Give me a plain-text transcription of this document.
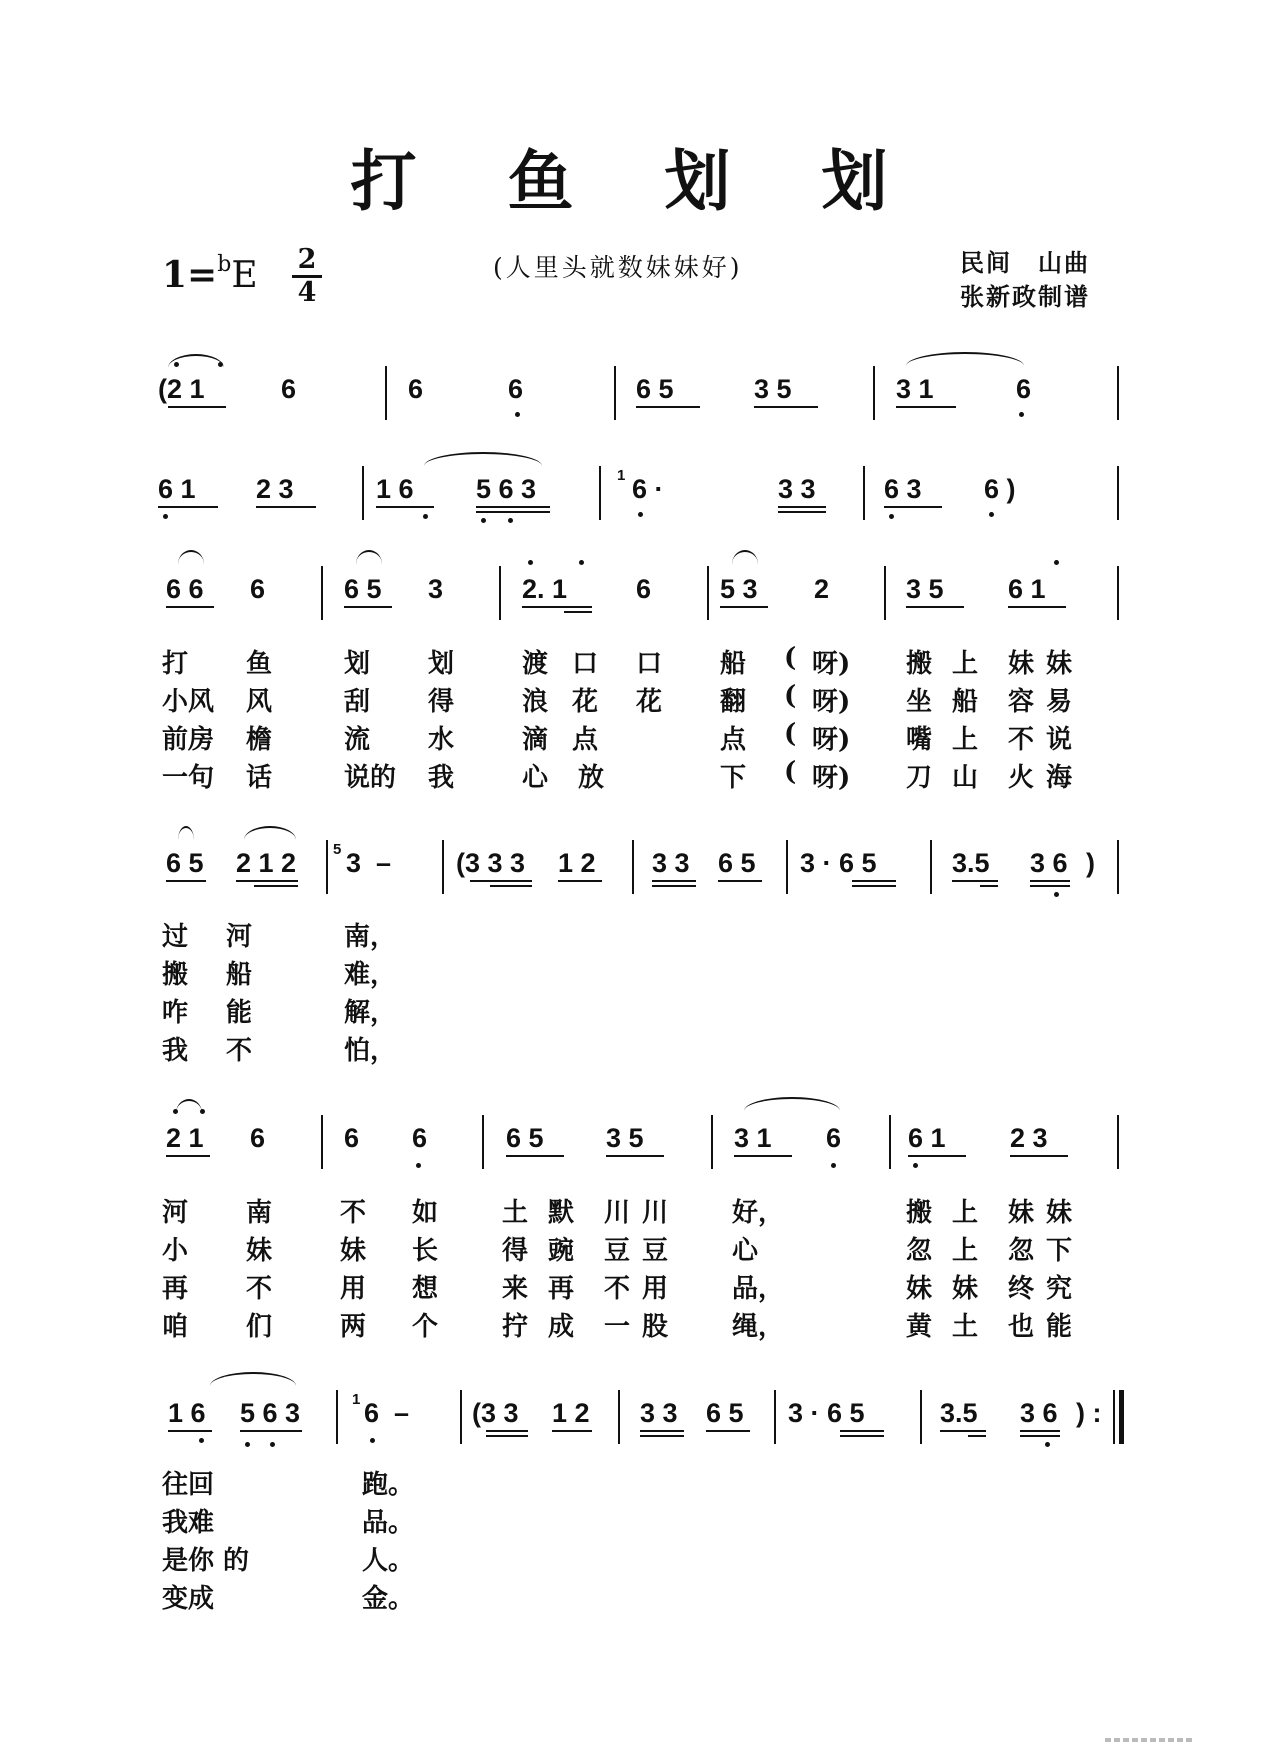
打 鱼 划 划
1=$^b$E 2
4
(人里头就数妹妹好)	民间　山曲
张新政制谱
(2 1	6	6	6	6 5	3 5	3 1	6
6 1 2 3	1 6 5 6 3	1 6 ·	3 3	6 3 6 )
6 6 6	6 5 3	2. 1	6	5 3 2	3 5 6 1
打 鱼	划 划	渡 口 口 船 ( 呀) 搬 上 妹 妹
小风 风	刮 得	浪 花 花 翻 ( 呀) 坐 船 容 易
前房 檐	流 水	滴 点	点 ( 呀) 嘴 上 不 说
一句 话	说的 我	心 放	下 ( 呀) 刀 山 火 海
6 5 2 1 2 5 3  – (3 3 3 1 2 3 3 6 5 3 · 6 5	3.5 3 6 )
过 河	南，
搬 船	难，
咋 能	解，
我 不	怕，
2 1 6	6 6	6 5 3 5	3 1 6 6 1 2 3
河 南	不 如 土 默 川 川 好，	搬 上 妹 妹
小 妹	妹 长 得 豌 豆 豆 心	忽 上 忽 下
再 不	用 想 来 再 不 用 品，	妹 妹 终 究
咱 们	两 个 拧 成 一 股 绳，	黄 土 也 能
1 6 5 6 3	1 6  – (3 3 1 2 3 3 6 5 3 · 6 5	3.5 3 6 ) :
往回	跑。
我难	品。
是你 的	人。
变成	金。
